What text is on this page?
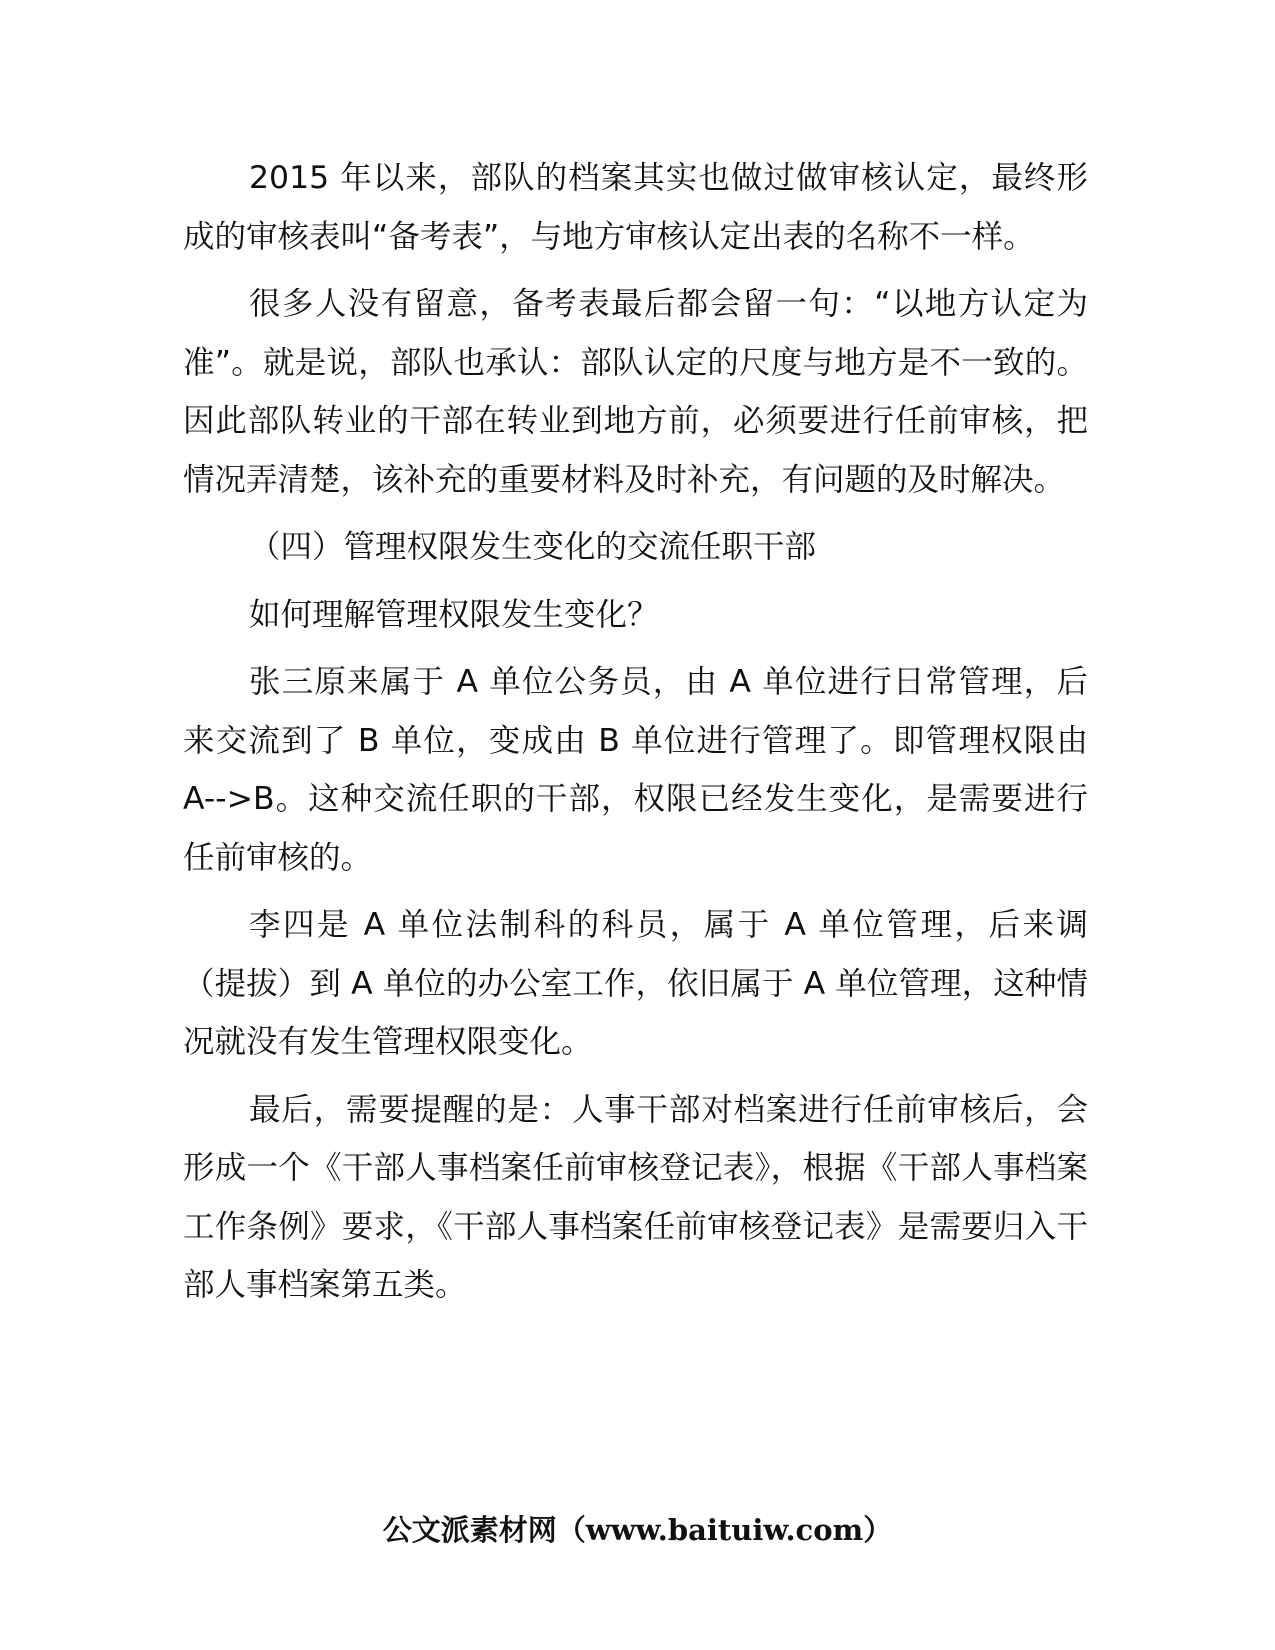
2015 年以来，部队的档案其实也做过做审核认定，最终形成的审核表叫“备考表”，与地方审核认定出表的名称不一样。

很多人没有留意，备考表最后都会留一句：“以地方认定为准”。就是说，部队也承认：部队认定的尺度与地方是不一致的。因此部队转业的干部在转业到地方前，必须要进行任前审核，把情况弄清楚，该补充的重要材料及时补充，有问题的及时解决。

（四）管理权限发生变化的交流任职干部

如何理解管理权限发生变化？

张三原来属于 A 单位公务员，由 A 单位进行日常管理，后来交流到了 B 单位，变成由 B 单位进行管理了。即管理权限由 A-->B。这种交流任职的干部，权限已经发生变化，是需要进行任前审核的。

李四是 A 单位法制科的科员，属于 A 单位管理，后来调（提拔）到 A 单位的办公室工作，依旧属于 A 单位管理，这种情况就没有发生管理权限变化。

最后，需要提醒的是：人事干部对档案进行任前审核后，会形成一个《干部人事档案任前审核登记表》，根据《干部人事档案工作条例》要求，《干部人事档案任前审核登记表》是需要归入干部人事档案第五类。

公文派素材网（www.baituiw.com）
